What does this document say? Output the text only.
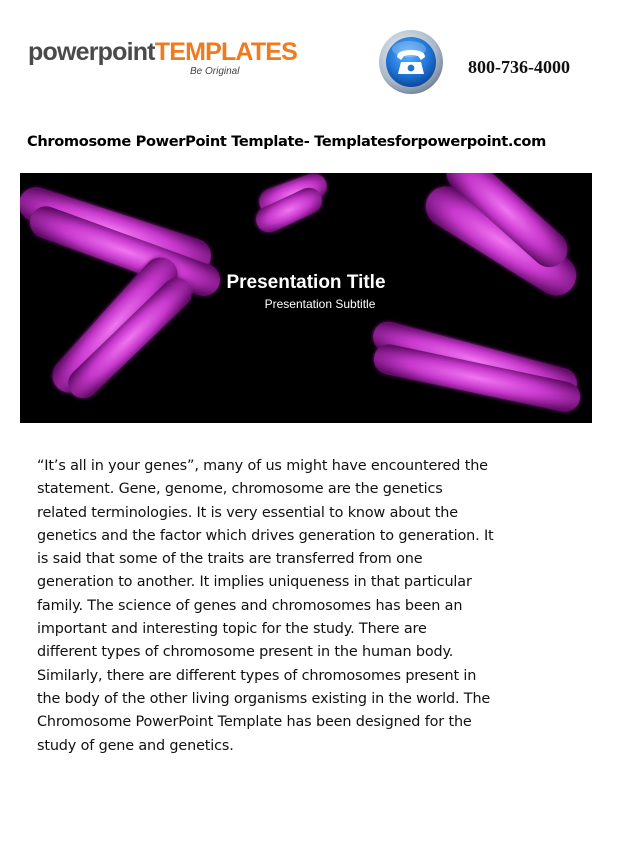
powerpointTEMPLATES
Be Original	800-736-4000
Chromosome PowerPoint Template- Templatesforpowerpoint.com
Presentation Title
Presentation Subtitle
“It’s all in your genes”, many of us might have encountered the
statement. Gene, genome, chromosome are the genetics
related terminologies. It is very essential to know about the
genetics and the factor which drives generation to generation. It
is said that some of the traits are transferred from one
generation to another. It implies uniqueness in that particular
family. The science of genes and chromosomes has been an
important and interesting topic for the study. There are
different types of chromosome present in the human body.
Similarly, there are different types of chromosomes present in
the body of the other living organisms existing in the world. The
Chromosome PowerPoint Template has been designed for the
study of gene and genetics.
